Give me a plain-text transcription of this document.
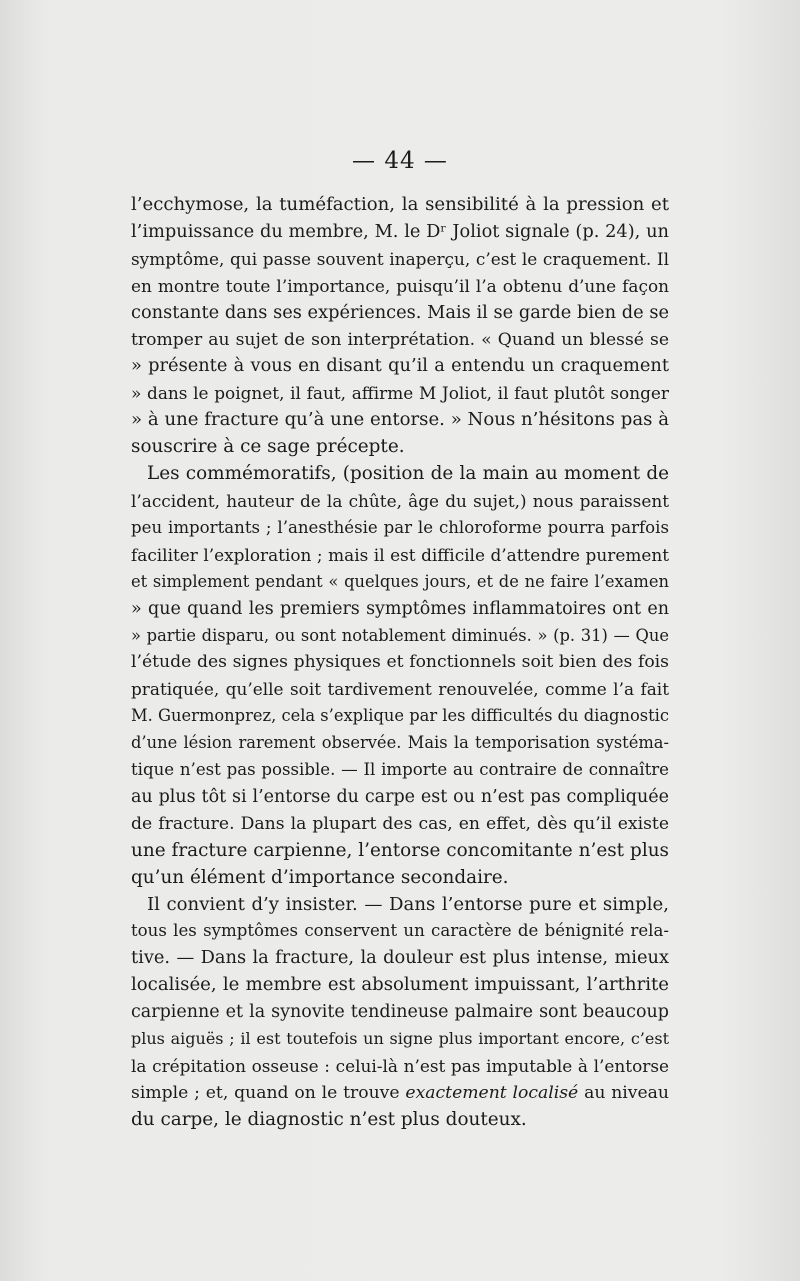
— 44 —

l’ecchymose, la tuméfaction, la sensibilité à la pression et
l’impuissance du membre, M. le Dʳ Joliot signale (p. 24), un
symptôme, qui passe souvent inaperçu, c’est le craquement. Il
en montre toute l’importance, puisqu’il l’a obtenu d’une façon
constante dans ses expériences. Mais il se garde bien de se
tromper au sujet de son interprétation. « Quand un blessé se
» présente à vous en disant qu’il a entendu un craquement
» dans le poignet, il faut, affirme M Joliot, il faut plutôt songer
» à une fracture qu’à une entorse. » Nous n’hésitons pas à
souscrire à ce sage précepte.

Les commémoratifs, (position de la main au moment de
l’accident, hauteur de la chûte, âge du sujet,) nous paraissent
peu importants ; l’anesthésie par le chloroforme pourra parfois
faciliter l’exploration ; mais il est difficile d’attendre purement
et simplement pendant « quelques jours, et de ne faire l’examen
» que quand les premiers symptômes inflammatoires ont en
» partie disparu, ou sont notablement diminués. » (p. 31) — Que
l’étude des signes physiques et fonctionnels soit bien des fois
pratiquée, qu’elle soit tardivement renouvelée, comme l’a fait
M. Guermonprez, cela s’explique par les difficultés du diagnostic
d’une lésion rarement observée. Mais la temporisation systéma-
tique n’est pas possible. — Il importe au contraire de connaître
au plus tôt si l’entorse du carpe est ou n’est pas compliquée
de fracture. Dans la plupart des cas, en effet, dès qu’il existe
une fracture carpienne, l’entorse concomitante n’est plus
qu’un élément d’importance secondaire.

Il convient d’y insister. — Dans l’entorse pure et simple,
tous les symptômes conservent un caractère de bénignité rela-
tive. — Dans la fracture, la douleur est plus intense, mieux
localisée, le membre est absolument impuissant, l’arthrite
carpienne et la synovite tendineuse palmaire sont beaucoup
plus aiguës ; il est toutefois un signe plus important encore, c’est
la crépitation osseuse : celui-là n’est pas imputable à l’entorse
simple ; et, quand on le trouve exactement localisé au niveau
du carpe, le diagnostic n’est plus douteux.
